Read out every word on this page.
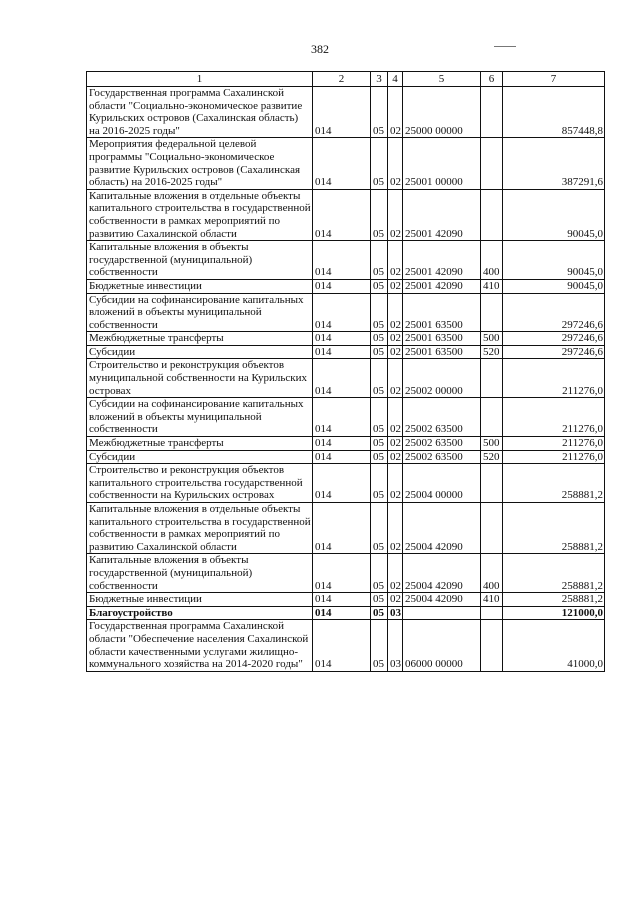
382
1	2	3	4	5	6	7
Государственная программа Сахалинской области "Социально-экономическое развитие Курильских островов (Сахалинская область) на 2016-2025 годы"	014	05	02	25000 00000		857448,8
Мероприятия федеральной целевой программы "Социально-экономическое развитие Курильских островов (Сахалинская область) на 2016-2025 годы"	014	05	02	25001 00000		387291,6
Капитальные вложения в отдельные объекты капитального строительства в государственной собственности в рамках мероприятий по развитию Сахалинской области	014	05	02	25001 42090		90045,0
Капитальные вложения в объекты государственной (муниципальной) собственности	014	05	02	25001 42090	400	90045,0
Бюджетные инвестиции	014	05	02	25001 42090	410	90045,0
Субсидии на софинансирование капитальных вложений в объекты муниципальной собственности	014	05	02	25001 63500		297246,6
Межбюджетные трансферты	014	05	02	25001 63500	500	297246,6
Субсидии	014	05	02	25001 63500	520	297246,6
Строительство и реконструкция объектов муниципальной собственности на Курильских островах	014	05	02	25002 00000		211276,0
Субсидии на софинансирование капитальных вложений в объекты муниципальной собственности	014	05	02	25002 63500		211276,0
Межбюджетные трансферты	014	05	02	25002 63500	500	211276,0
Субсидии	014	05	02	25002 63500	520	211276,0
Строительство и реконструкция объектов капитального строительства государственной собственности на Курильских островах	014	05	02	25004 00000		258881,2
Капитальные вложения в отдельные объекты капитального строительства в государственной собственности в рамках мероприятий по развитию Сахалинской области	014	05	02	25004 42090		258881,2
Капитальные вложения в объекты государственной (муниципальной) собственности	014	05	02	25004 42090	400	258881,2
Бюджетные инвестиции	014	05	02	25004 42090	410	258881,2
Благоустройство	014	05	03			121000,0
Государственная программа Сахалинской области "Обеспечение населения Сахалинской области качественными услугами жилищно-коммунального хозяйства на 2014-2020 годы"	014	05	03	06000 00000		41000,0
